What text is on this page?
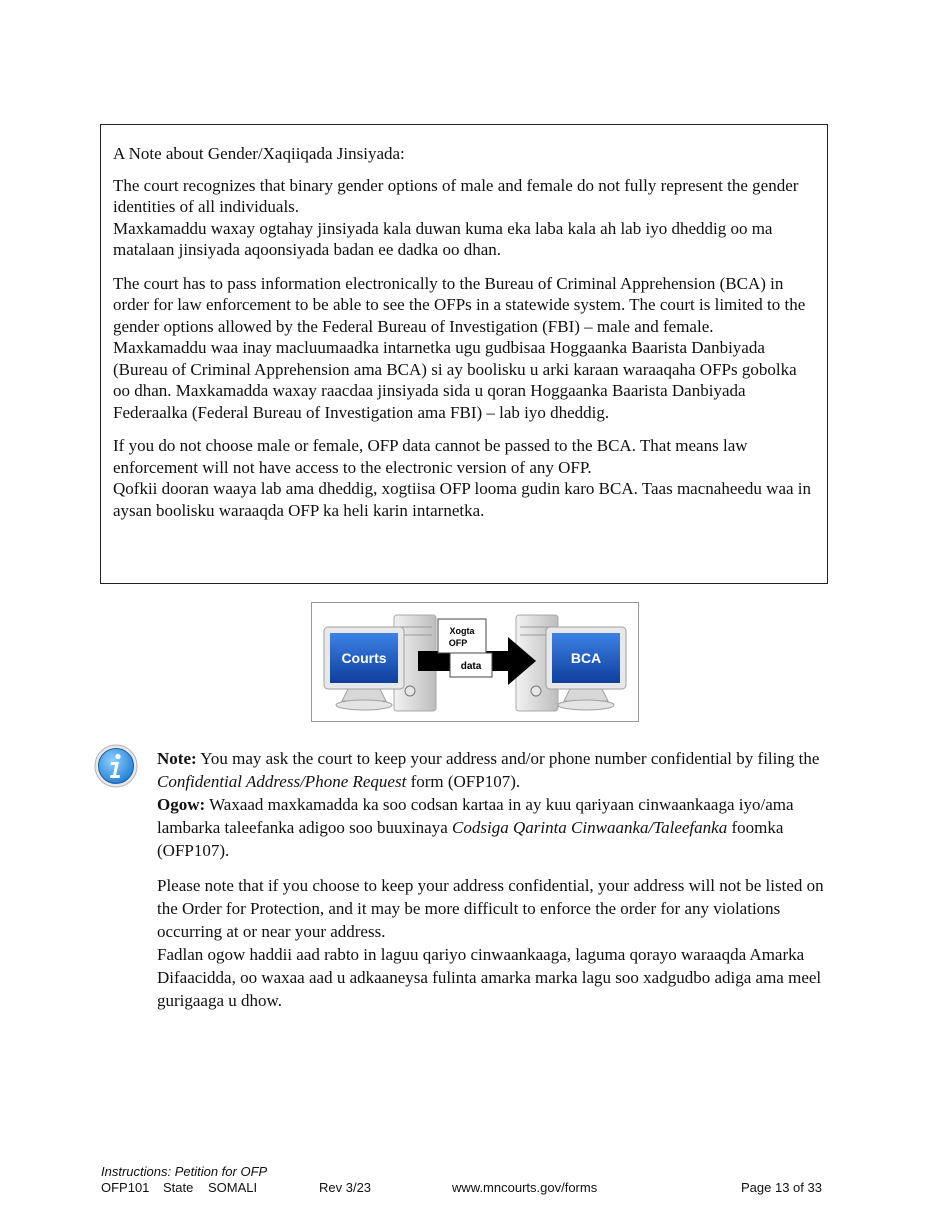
A Note about Gender/Xaqiiqada Jinsiyada:

The court recognizes that binary gender options of male and female do not fully represent the gender identities of all individuals.
Maxkamaddu waxay ogtahay jinsiyada kala duwan kuma eka laba kala ah lab iyo dheddig oo ma matalaan jinsiyada aqoonsiyada badan ee dadka oo dhan.

The court has to pass information electronically to the Bureau of Criminal Apprehension (BCA) in order for law enforcement to be able to see the OFPs in a statewide system. The court is limited to the gender options allowed by the Federal Bureau of Investigation (FBI) – male and female.
Maxkamaddu waa inay macluumaadka intarnetka ugu gudbisaa Hoggaanka Baarista Danbiyada (Bureau of Criminal Apprehension ama BCA) si ay boolisku u arki karaan waraaqaha OFPs gobolka oo dhan. Maxkamadda waxay raacdaa jinsiyada sida u qoran Hoggaanka Baarista Danbiyada Federaalka (Federal Bureau of Investigation ama FBI) – lab iyo dheddig.

If you do not choose male or female, OFP data cannot be passed to the BCA. That means law enforcement will not have access to the electronic version of any OFP.
Qofkii dooran waaya lab ama dheddig, xogtiisa OFP looma gudin karo BCA. Taas macnaheedu waa in aysan boolisku waraaqda OFP ka heli karin intarnetka.

Courts	BCA
data
Xogta
OFP

Note: You may ask the court to keep your address and/or phone number confidential by filing the Confidential Address/Phone Request form (OFP107).
Ogow: Waxaad maxkamadda ka soo codsan kartaa in ay kuu qariyaan cinwaankaaga iyo/ama lambarka taleefanka adigoo soo buuxinaya Codsiga Qarinta Cinwaanka/Taleefanka foomka (OFP107).

Please note that if you choose to keep your address confidential, your address will not be listed on the Order for Protection, and it may be more difficult to enforce the order for any violations occurring at or near your address.
Fadlan ogow haddii aad rabto in laguu qariyo cinwaankaaga, laguma qorayo waraaqda Amarka Difaacidda, oo waxaa aad u adkaaneysa fulinta amarka marka lagu soo xadgudbo adiga ama meel gurigaaga u dhow.

Instructions: Petition for OFP
OFP101 State SOMALI	Rev 3/23	www.mncourts.gov/forms	Page 13 of 33
